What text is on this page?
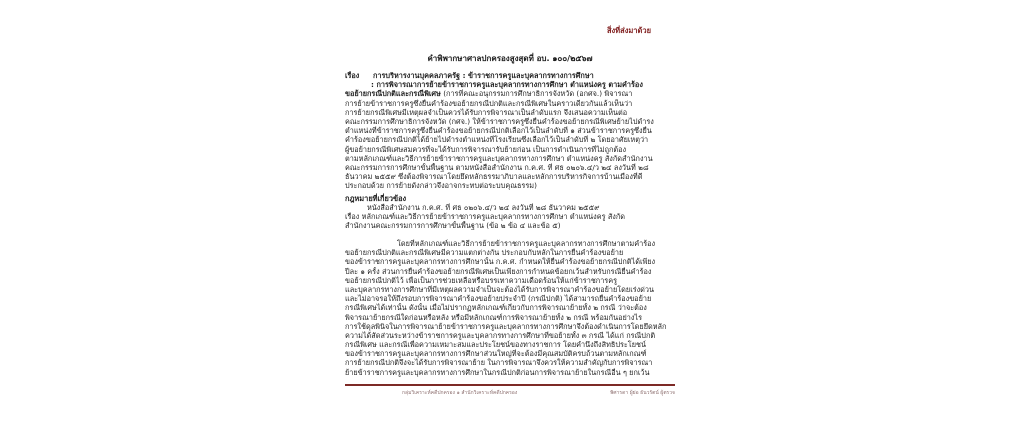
สิ่งที่ส่งมาด้วย
คำพิพากษาศาลปกครองสูงสุดที่ อบ. ๑๐๐/๒๕๖๗
เรื่อง การบริหารงานบุคคลภาครัฐ : ข้าราชการครูและบุคลากรทางการศึกษา
: การพิจารณาการย้ายข้าราชการครูและบุคลากรทางการศึกษา ตำแหน่งครู ตามคำร้อง
ขอย้ายกรณีปกติและกรณีพิเศษ (การที่คณะอนุกรรมการศึกษาธิการจังหวัด (อกศจ.) พิจารณา
การย้ายข้าราชการครูซึ่งยื่นคำร้องขอย้ายกรณีปกติและกรณีพิเศษในคราวเดียวกันแล้วเห็นว่า
การย้ายกรณีพิเศษมีเหตุผลจำเป็นควรได้รับการพิจารณาเป็นลำดับแรก จึงเสนอความเห็นต่อ
คณะกรรมการศึกษาธิการจังหวัด (กศจ.) ให้ข้าราชการครูซึ่งยื่นคำร้องขอย้ายกรณีพิเศษย้ายไปดำรง
ตำแหน่งที่ข้าราชการครูซึ่งยื่นคำร้องขอย้ายกรณีปกติเลือกไว้เป็นลำดับที่ ๑ ส่วนข้าราชการครูซึ่งยื่น
คำร้องขอย้ายกรณีปกติได้ย้ายไปดำรงตำแหน่งที่โรงเรียนซึ่งเลือกไว้เป็นลำดับที่ ๒ โดยอาศัยเหตุว่า
ผู้ขอย้ายกรณีพิเศษสมควรที่จะได้รับการพิจารณารับย้ายก่อน เป็นการดำเนินการที่ไม่ถูกต้อง
ตามหลักเกณฑ์และวิธีการย้ายข้าราชการครูและบุคลากรทางการศึกษา ตำแหน่งครู สังกัดสำนักงาน
คณะกรรมการการศึกษาขั้นพื้นฐาน ตามหนังสือสำนักงาน ก.ค.ศ. ที่ ศธ ๐๒๐๖.๔/ว ๒๔ ลงวันที่ ๒๘
ธันวาคม ๒๕๕๙ ซึ่งต้องพิจารณาโดยยึดหลักธรรมาภิบาลและหลักการบริหารกิจการบ้านเมืองที่ดี
ประกอบด้วย การย้ายดังกล่าวจึงอาจกระทบต่อระบบคุณธรรม)
กฎหมายที่เกี่ยวข้อง
หนังสือสำนักงาน ก.ค.ศ. ที่ ศธ ๐๒๐๖.๔/ว ๒๔ ลงวันที่ ๒๘ ธันวาคม ๒๕๕๙
เรื่อง หลักเกณฑ์และวิธีการย้ายข้าราชการครูและบุคลากรทางการศึกษา ตำแหน่งครู สังกัด
สำนักงานคณะกรรมการการศึกษาขั้นพื้นฐาน (ข้อ ๒ ข้อ ๔ และข้อ ๕)
โดยที่หลักเกณฑ์และวิธีการย้ายข้าราชการครูและบุคลากรทางการศึกษาตามคำร้อง
ขอย้ายกรณีปกติและกรณีพิเศษมีความแตกต่างกัน ประกอบกับหลักในการยื่นคำร้องขอย้าย
ของข้าราชการครูและบุคลากรทางการศึกษานั้น ก.ค.ศ. กำหนดให้ยื่นคำร้องขอย้ายกรณีปกติได้เพียง
ปีละ ๑ ครั้ง ส่วนการยื่นคำร้องขอย้ายกรณีพิเศษเป็นเพียงการกำหนดข้อยกเว้นสำหรับกรณียื่นคำร้อง
ขอย้ายกรณีปกติไว้ เพื่อเป็นการช่วยเหลือหรือบรรเทาความเดือดร้อนให้แก่ข้าราชการครู
และบุคลากรทางการศึกษาที่มีเหตุผลความจำเป็นจะต้องได้รับการพิจารณาคำร้องขอย้ายโดยเร่งด่วน
และไม่อาจรอให้ถึงรอบการพิจารณาคำร้องขอย้ายประจำปี (กรณีปกติ) ได้สามารถยื่นคำร้องขอย้าย
กรณีพิเศษได้เท่านั้น ดังนั้น เมื่อไม่ปรากฏหลักเกณฑ์เกี่ยวกับการพิจารณาย้ายทั้ง ๒ กรณี ว่าจะต้อง
พิจารณาย้ายกรณีใดก่อนหรือหลัง หรือมีหลักเกณฑ์การพิจารณาย้ายทั้ง ๒ กรณี พร้อมกันอย่างไร
การใช้ดุลพินิจในการพิจารณาย้ายข้าราชการครูและบุคลากรทางการศึกษาจึงต้องดำเนินการโดยยึดหลัก
ความได้สัดส่วนระหว่างข้าราชการครูและบุคลากรทางการศึกษาที่ขอย้ายทั้ง ๓ กรณี ได้แก่ กรณีปกติ
กรณีพิเศษ และกรณีเพื่อความเหมาะสมและประโยชน์ของทางราชการ โดยคำนึงถึงสิทธิประโยชน์
ของข้าราชการครูและบุคลากรทางการศึกษาส่วนใหญ่ที่จะต้องมีคุณสมบัติครบถ้วนตามหลักเกณฑ์
การย้ายกรณีปกติจึงจะได้รับการพิจารณาย้าย ในการพิจารณาจึงควรให้ความสำคัญกับการพิจารณา
ย้ายข้าราชการครูและบุคลากรทางการศึกษาในกรณีปกติก่อนการพิจารณาย้ายในกรณีอื่น ๆ ยกเว้น
กลุ่มวิเคราะห์คดีปกครอง ๑ สำนักวิเคราะห์คดีปกครอง	พิศารดา ผู้ย่อ ธันวรัตน์ ผู้ตรวจ
